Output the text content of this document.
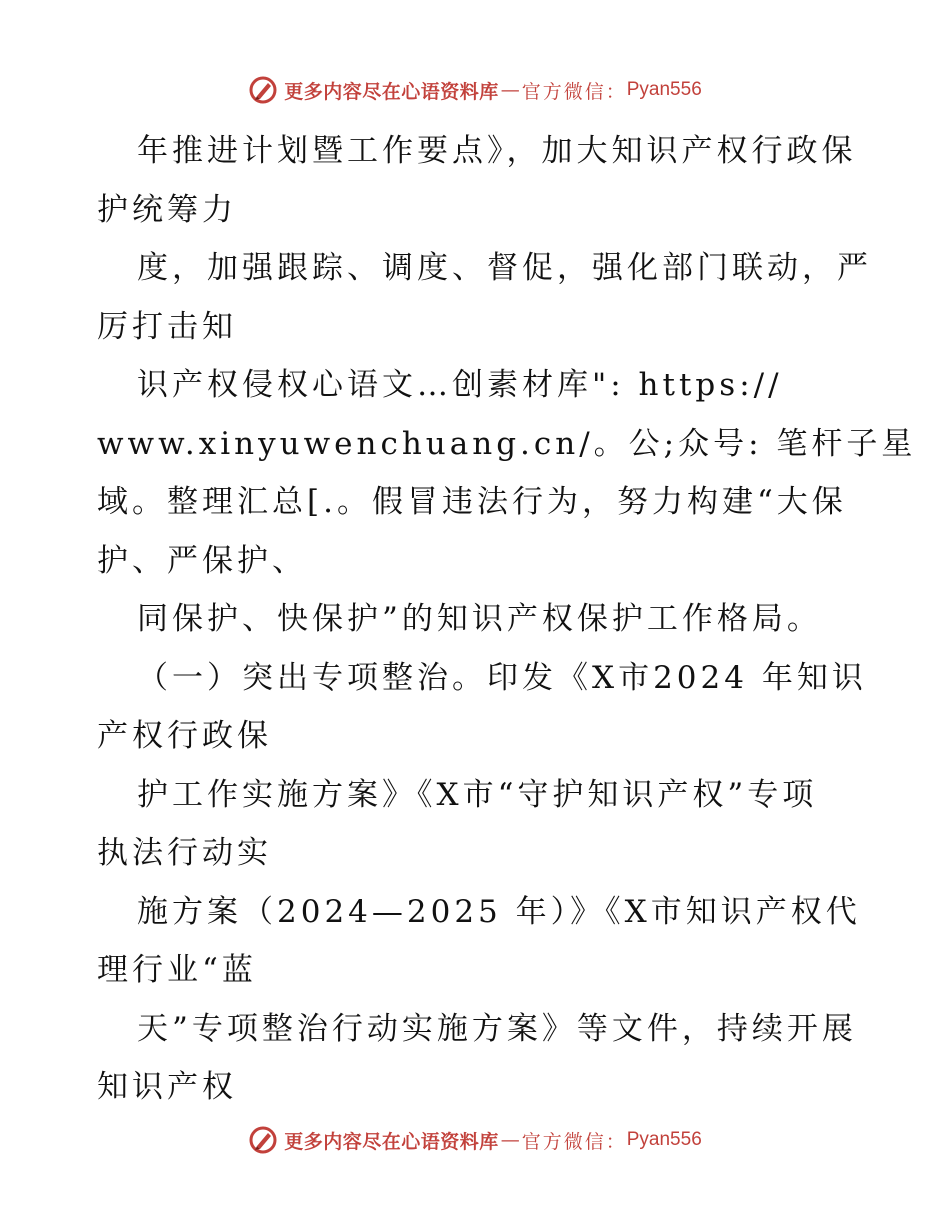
更多内容尽在心语资料库 — 官方微信： Pyan556
年推进计划暨工作要点》，加大知识产权行政保
护统筹力
度，加强跟踪、调度、督促，强化部门联动，严
厉打击知
识产权侵权心语文…创素材库": https://
www.xinyuwenchuang.cn/。公;众号: 笔杆子星
域。整理汇总[.。假冒违法行为，努力构建“大保
护、严保护、
同保护、快保护”的知识产权保护工作格局。
（一）突出专项整治。印发《X市2024 年知识
产权行政保
护工作实施方案》《X市“守护知识产权”专项
执法行动实
施方案（2024—2025 年）》《X市知识产权代
理行业“蓝
天”专项整治行动实施方案》等文件，持续开展
知识产权
更多内容尽在心语资料库 — 官方微信： Pyan556
